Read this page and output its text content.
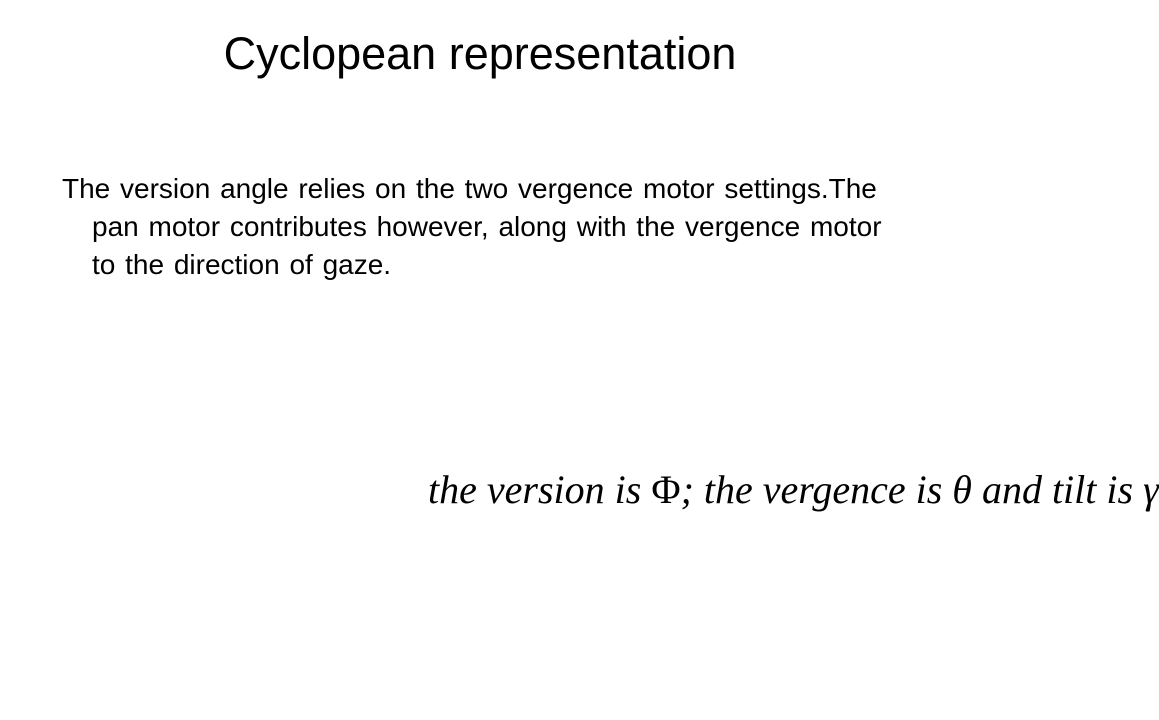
Cyclopean representation

The version angle relies on the two vergence motor settings.The pan motor contributes however, along with the vergence motor to the direction of gaze.

the version is Φ; the vergence is θ and tilt is γ
